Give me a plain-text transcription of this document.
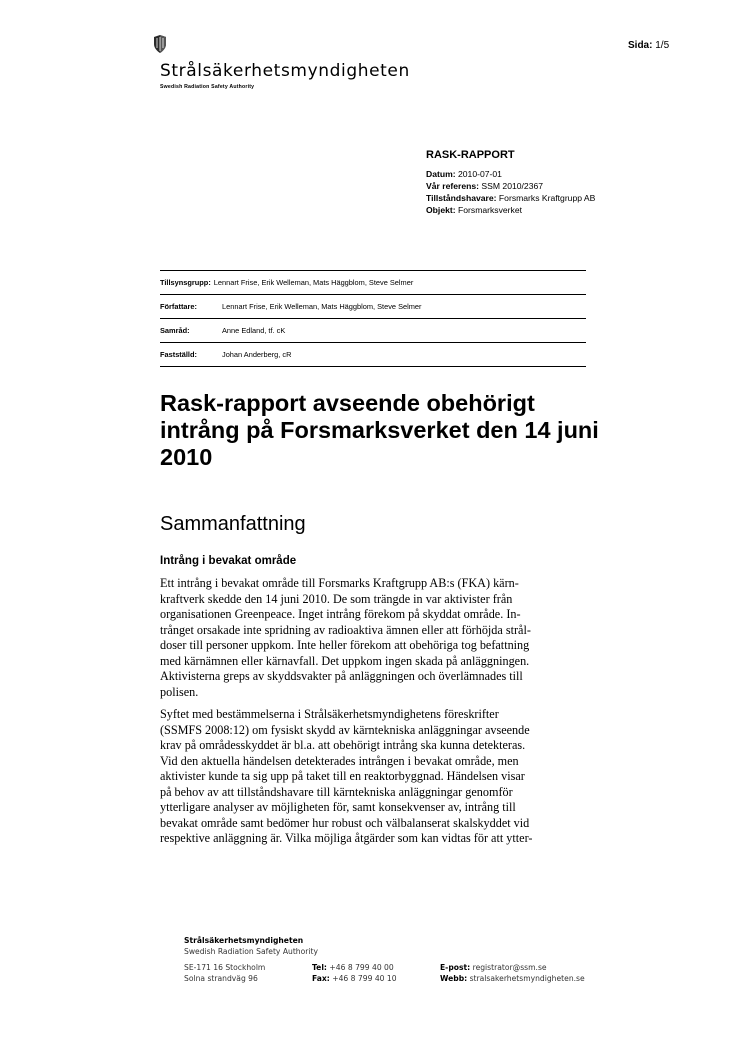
Strålsäkerhetsmyndigheten
Swedish Radiation Safety Authority
Sida: 1/5
RASK-RAPPORT
Datum: 2010-07-01
Vår referens: SSM 2010/2367
Tillståndshavare: Forsmarks Kraftgrupp AB
Objekt: Forsmarksverket
Tillsynsgrupp: Lennart Frise, Erik Welleman, Mats Häggblom, Steve Selmer
Författare:	Lennart Frise, Erik Welleman, Mats Häggblom, Steve Selmer
Samråd:	Anne Edland, tf. cK
Fastställd:	Johan Anderberg, cR
Rask-rapport avseende obehörigt intrång på Forsmarksverket den 14 juni 2010
Sammanfattning
Intrång i bevakat område

Ett intrång i bevakat område till Forsmarks Kraftgrupp AB:s (FKA) kärn-
kraftverk skedde den 14 juni 2010. De som trängde in var aktivister från
organisationen Greenpeace. Inget intrång förekom på skyddat område. In-
trånget orsakade inte spridning av radioaktiva ämnen eller att förhöjda strål-
doser till personer uppkom. Inte heller förekom att obehöriga tog befattning
med kärnämnen eller kärnavfall. Det uppkom ingen skada på anläggningen.
Aktivisterna greps av skyddsvakter på anläggningen och överlämnades till
polisen.

Syftet med bestämmelserna i Strålsäkerhetsmyndighetens föreskrifter
(SSMFS 2008:12) om fysiskt skydd av kärntekniska anläggningar avseende
krav på områdesskyddet är bl.a. att obehörigt intrång ska kunna detekteras.
Vid den aktuella händelsen detekterades intrången i bevakat område, men
aktivister kunde ta sig upp på taket till en reaktorbyggnad. Händelsen visar
på behov av att tillståndshavare till kärntekniska anläggningar genomför
ytterligare analyser av möjligheten för, samt konsekvenser av, intrång till
bevakat område samt bedömer hur robust och välbalanserat skalskyddet vid
respektive anläggning är. Vilka möjliga åtgärder som kan vidtas för att ytter-

Strålsäkerhetsmyndigheten
Swedish Radiation Safety Authority
SE-171 16 Stockholm	Tel: +46 8 799 40 00	E-post: registrator@ssm.se
Solna strandväg 96	Fax: +46 8 799 40 10	Webb: stralsakerhetsmyndigheten.se
